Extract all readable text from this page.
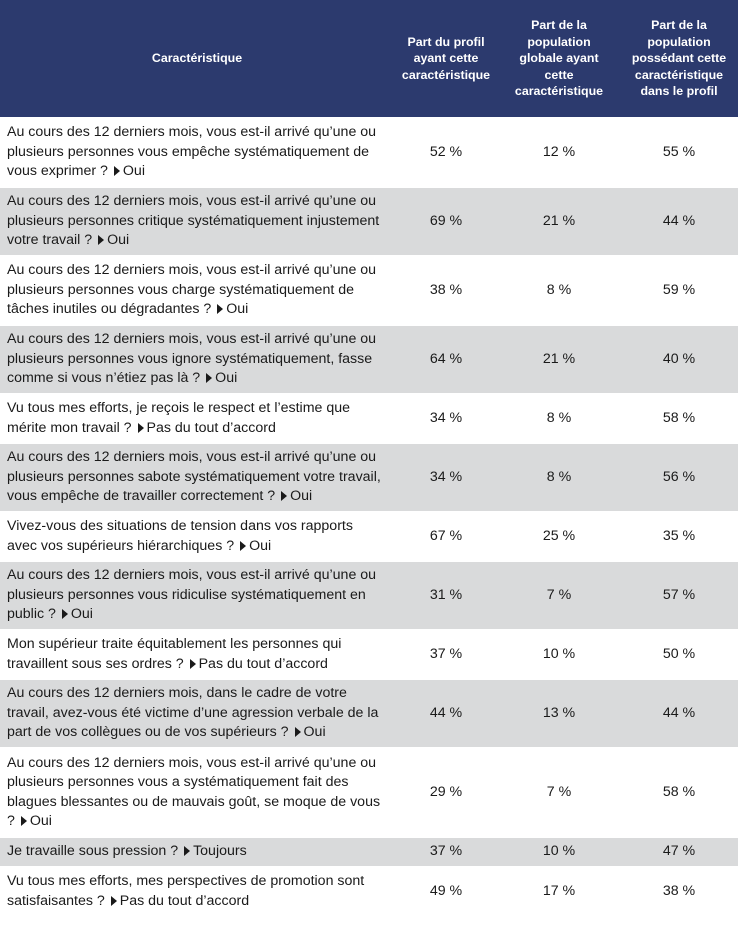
Caractéristique	Part du profil ayant cette caractéristique	Part de la population globale ayant cette caractéristique	Part de la population possédant cette caractéristique dans le profil
Au cours des 12 derniers mois, vous est-il arrivé qu’une ou plusieurs personnes vous empêche systématiquement de vous exprimer ? Oui	52 %	12 %	55 %
Au cours des 12 derniers mois, vous est-il arrivé qu’une ou plusieurs personnes critique systématiquement injustement votre travail ? Oui	69 %	21 %	44 %
Au cours des 12 derniers mois, vous est-il arrivé qu’une ou plusieurs personnes vous charge systématiquement de tâches inutiles ou dégradantes ? Oui	38 %	8 %	59 %
Au cours des 12 derniers mois, vous est-il arrivé qu’une ou plusieurs personnes vous ignore systématiquement, fasse comme si vous n’étiez pas là ? Oui	64 %	21 %	40 %
Vu tous mes efforts, je reçois le respect et l’estime que mérite mon travail ? Pas du tout d’accord	34 %	8 %	58 %
Au cours des 12 derniers mois, vous est-il arrivé qu’une ou plusieurs personnes sabote systématiquement votre travail, vous empêche de travailler correctement ? Oui	34 %	8 %	56 %
Vivez-vous des situations de tension dans vos rapports avec vos supérieurs hiérarchiques ? Oui	67 %	25 %	35 %
Au cours des 12 derniers mois, vous est-il arrivé qu’une ou plusieurs personnes vous ridiculise systématiquement en public ? Oui	31 %	7 %	57 %
Mon supérieur traite équitablement les personnes qui travaillent sous ses ordres ? Pas du tout d’accord	37 %	10 %	50 %
Au cours des 12 derniers mois, dans le cadre de votre travail, avez-vous été victime d’une agression verbale de la part de vos collègues ou de vos supérieurs ? Oui	44 %	13 %	44 %
Au cours des 12 derniers mois, vous est-il arrivé qu’une ou plusieurs personnes vous a systématiquement fait des blagues blessantes ou de mauvais goût, se moque de vous ? Oui	29 %	7 %	58 %
Je travaille sous pression ? Toujours	37 %	10 %	47 %
Vu tous mes efforts, mes perspectives de promotion sont satisfaisantes ? Pas du tout d’accord	49 %	17 %	38 %
